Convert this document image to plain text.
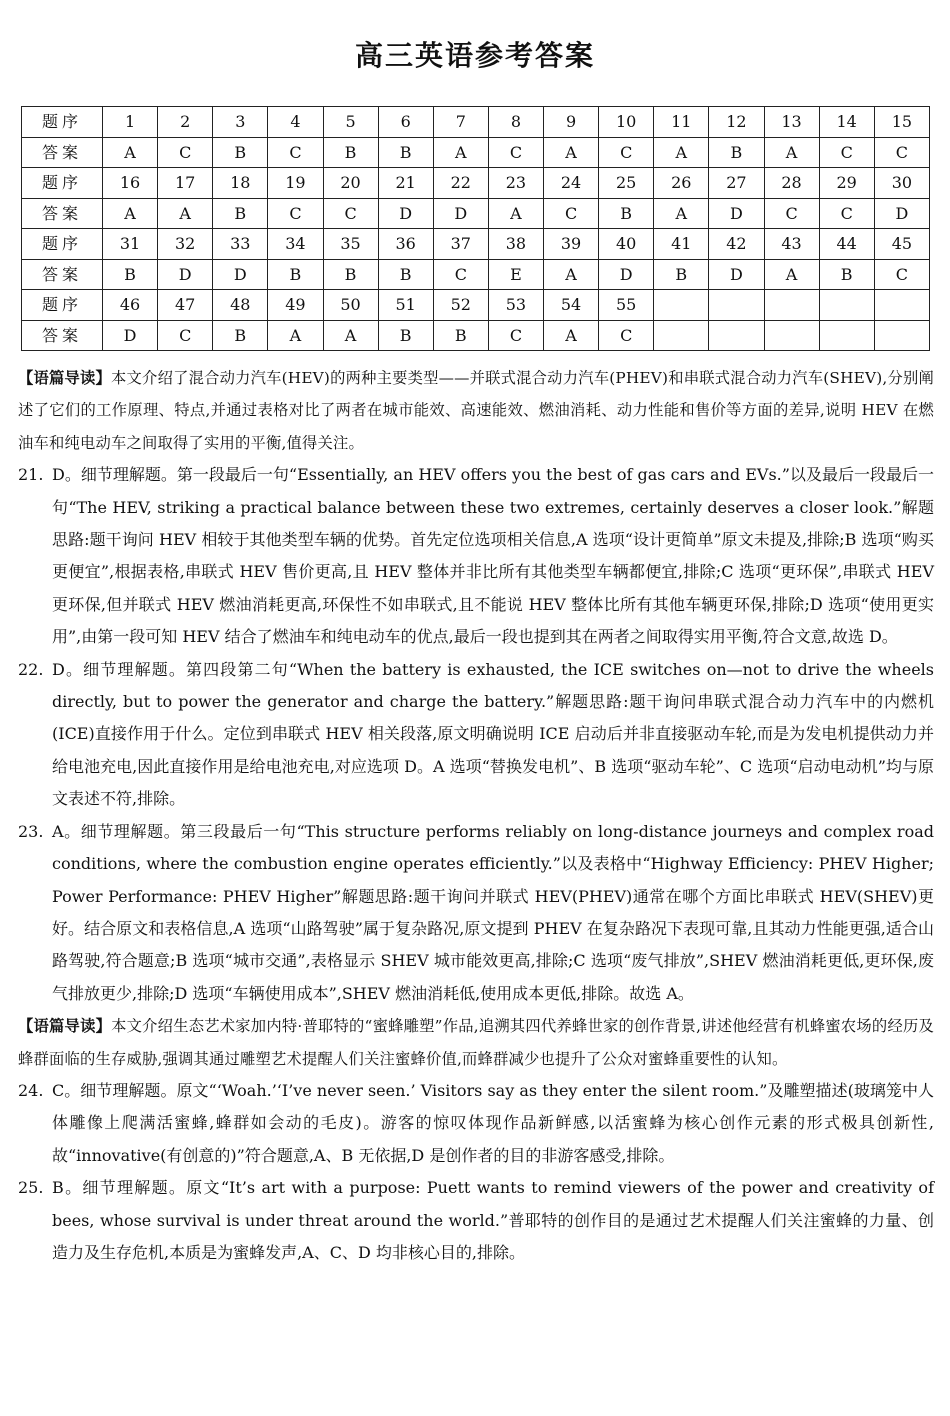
高三英语参考答案
题序	1	2	3	4	5	6	7	8	9	10	11	12	13	14	15
答案	A	C	B	C	B	B	A	C	A	C	A	B	A	C	C
题序	16	17	18	19	20	21	22	23	24	25	26	27	28	29	30
答案	A	A	B	C	C	D	D	A	C	B	A	D	C	C	D
题序	31	32	33	34	35	36	37	38	39	40	41	42	43	44	45
答案	B	D	D	B	B	B	C	E	A	D	B	D	A	B	C
题序	46	47	48	49	50	51	52	53	54	55					
答案	D	C	B	A	A	B	B	C	A	C					

【语篇导读】本文介绍了混合动力汽车(HEV)的两种主要类型——并联式混合动力汽车(PHEV)和串联式混合动力汽车(SHEV),分别阐述了它们的工作原理、特点,并通过表格对比了两者在城市能效、高速能效、燃油消耗、动力性能和售价等方面的差异,说明 HEV 在燃油车和纯电动车之间取得了实用的平衡,值得关注。

21. D。细节理解题。第一段最后一句“Essentially, an HEV offers you the best of gas cars and EVs.”以及最后一段最后一句“The HEV, striking a practical balance between these two extremes, certainly deserves a closer look.”解题思路:题干询问 HEV 相较于其他类型车辆的优势。首先定位选项相关信息,A 选项“设计更简单”原文未提及,排除;B 选项“购买更便宜”,根据表格,串联式 HEV 售价更高,且 HEV 整体并非比所有其他类型车辆都便宜,排除;C 选项“更环保”,串联式 HEV 更环保,但并联式 HEV 燃油消耗更高,环保性不如串联式,且不能说 HEV 整体比所有其他车辆更环保,排除;D 选项“使用更实用”,由第一段可知 HEV 结合了燃油车和纯电动车的优点,最后一段也提到其在两者之间取得实用平衡,符合文意,故选 D。

22. D。细节理解题。第四段第二句“When the battery is exhausted, the ICE switches on—not to drive the wheels directly, but to power the generator and charge the battery.”解题思路:题干询问串联式混合动力汽车中的内燃机(ICE)直接作用于什么。定位到串联式 HEV 相关段落,原文明确说明 ICE 启动后并非直接驱动车轮,而是为发电机提供动力并给电池充电,因此直接作用是给电池充电,对应选项 D。A 选项“替换发电机”、B 选项“驱动车轮”、C 选项“启动电动机”均与原文表述不符,排除。

23. A。细节理解题。第三段最后一句“This structure performs reliably on long-distance journeys and complex road conditions, where the combustion engine operates efficiently.”以及表格中“Highway Efficiency: PHEV Higher; Power Performance: PHEV Higher”解题思路:题干询问并联式 HEV(PHEV)通常在哪个方面比串联式 HEV(SHEV)更好。结合原文和表格信息,A 选项“山路驾驶”属于复杂路况,原文提到 PHEV 在复杂路况下表现可靠,且其动力性能更强,适合山路驾驶,符合题意;B 选项“城市交通”,表格显示 SHEV 城市能效更高,排除;C 选项“废气排放”,SHEV 燃油消耗更低,更环保,废气排放更少,排除;D 选项“车辆使用成本”,SHEV 燃油消耗低,使用成本更低,排除。故选 A。

【语篇导读】本文介绍生态艺术家加内特·普耶特的“蜜蜂雕塑”作品,追溯其四代养蜂世家的创作背景,讲述他经营有机蜂蜜农场的经历及蜂群面临的生存威胁,强调其通过雕塑艺术提醒人们关注蜜蜂价值,而蜂群减少也提升了公众对蜜蜂重要性的认知。

24. C。细节理解题。原文“‘Woah.’‘I’ve never seen.’ Visitors say as they enter the silent room.”及雕塑描述(玻璃笼中人体雕像上爬满活蜜蜂,蜂群如会动的毛皮)。游客的惊叹体现作品新鲜感,以活蜜蜂为核心创作元素的形式极具创新性,故“innovative(有创意的)”符合题意,A、B 无依据,D 是创作者的目的非游客感受,排除。

25. B。细节理解题。原文“It’s art with a purpose: Puett wants to remind viewers of the power and creativity of bees, whose survival is under threat around the world.”普耶特的创作目的是通过艺术提醒人们关注蜜蜂的力量、创造力及生存危机,本质是为蜜蜂发声,A、C、D 均非核心目的,排除。
